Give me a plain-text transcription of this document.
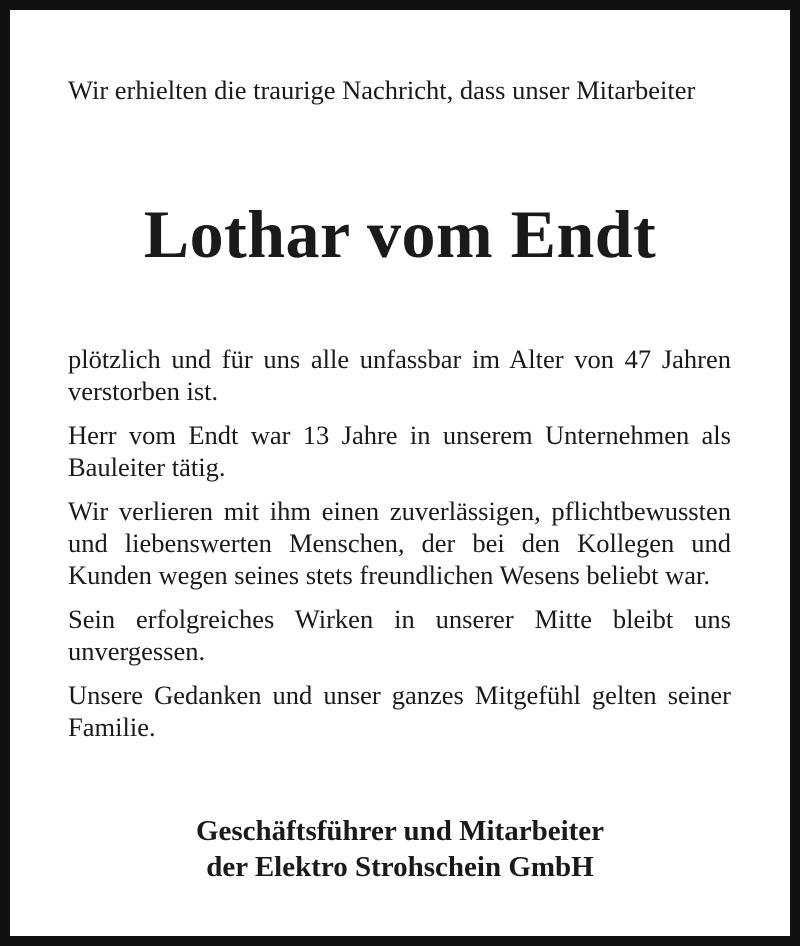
Wir erhielten die traurige Nachricht, dass unser Mitarbeiter
Lothar vom Endt

plötzlich und für uns alle unfassbar im Alter von 47 Jahren verstorben ist.

Herr vom Endt war 13 Jahre in unserem Unternehmen als Bauleiter tätig.

Wir verlieren mit ihm einen zuverlässigen, pflichtbewussten und liebenswerten Menschen, der bei den Kollegen und Kunden wegen seines stets freundlichen Wesens beliebt war.

Sein erfolgreiches Wirken in unserer Mitte bleibt uns unvergessen.

Unsere Gedanken und unser ganzes Mitgefühl gelten seiner Familie.

Geschäftsführer und Mitarbeiter
der Elektro Strohschein GmbH
